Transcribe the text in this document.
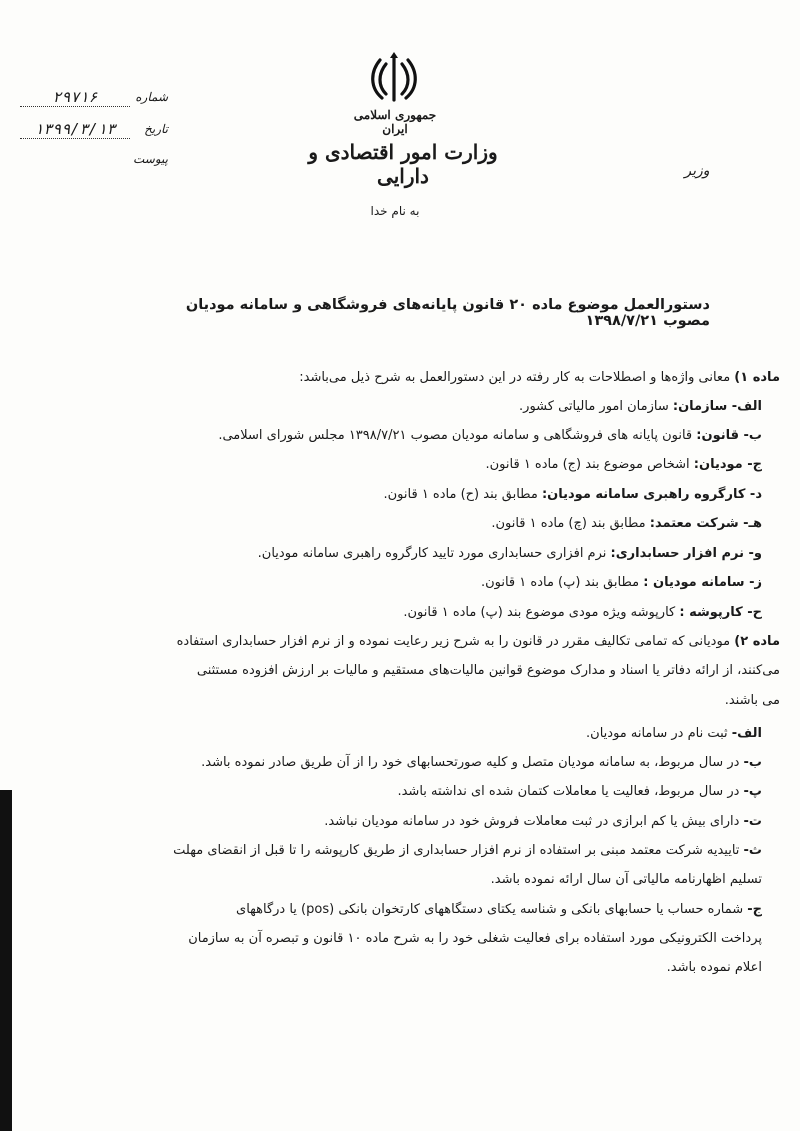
جمهوری اسلامی ایران
وزارت امور اقتصادی و دارایی	وزیر
به نام خدا
شماره
۲۹۷۱۶
تاریخ
۱۳۹۹/۳/۱۳
پیوست
دستورالعمل موضوع ماده ۲۰ قانون پایانه‌های فروشگاهی و سامانه مودیان مصوب ۱۳۹۸/۷/۲۱
ماده ۱) معانی واژه‌ها و اصطلاحات به کار رفته در این دستورالعمل به شرح ذیل می‌باشد:
الف- سازمان: سازمان امور مالیاتی کشور.
ب- قانون: قانون پایانه های فروشگاهی و سامانه مودیان مصوب ۱۳۹۸/۷/۲۱ مجلس شورای اسلامی.
ج- مودیان: اشخاص موضوع بند (ج) ماده ۱ قانون.
د- کارگروه راهبری سامانه مودیان: مطابق بند (ح) ماده ۱ قانون.
هـ- شرکت معتمد: مطابق بند (چ) ماده ۱ قانون.
و- نرم افزار حسابداری: نرم افزاری حسابداری مورد تایید کارگروه راهبری سامانه مودیان.
ز- سامانه مودیان : مطابق بند (پ) ماده ۱ قانون.
ح- کارپوشه : کارپوشه ویژه مودی موضوع بند (پ) ماده ۱ قانون.
ماده ۲) مودیانی که تمامی تکالیف مقرر در قانون را به شرح زیر رعایت نموده و از نرم افزار حسابداری استفاده
می‌کنند، از ارائه دفاتر یا اسناد و مدارک موضوع قوانین مالیات‌های مستقیم و مالیات بر ارزش افزوده مستثنی
می باشند.
الف- ثبت نام در سامانه مودیان.
ب- در سال مربوط، به سامانه مودیان متصل و کلیه صورتحسابهای خود را از آن طریق صادر نموده باشد.
پ- در سال مربوط، فعالیت یا معاملات کتمان شده ای نداشته باشد.
ت- دارای بیش یا کم ابرازی در ثبت معاملات فروش خود در سامانه مودیان نباشد.
ث- تاییدیه شرکت معتمد مبنی بر استفاده از نرم افزار حسابداری از طریق کارپوشه را تا قبل از انقضای مهلت
تسلیم اظهارنامه مالیاتی آن سال ارائه نموده باشد.
ج- شماره حساب یا حسابهای بانکی و شناسه یکتای دستگاههای کارتخوان بانکی (pos) یا درگاههای
پرداخت الکترونیکی مورد استفاده برای فعالیت شغلی خود را به شرح ماده ۱۰ قانون و تبصره آن به سازمان
اعلام نموده باشد.
